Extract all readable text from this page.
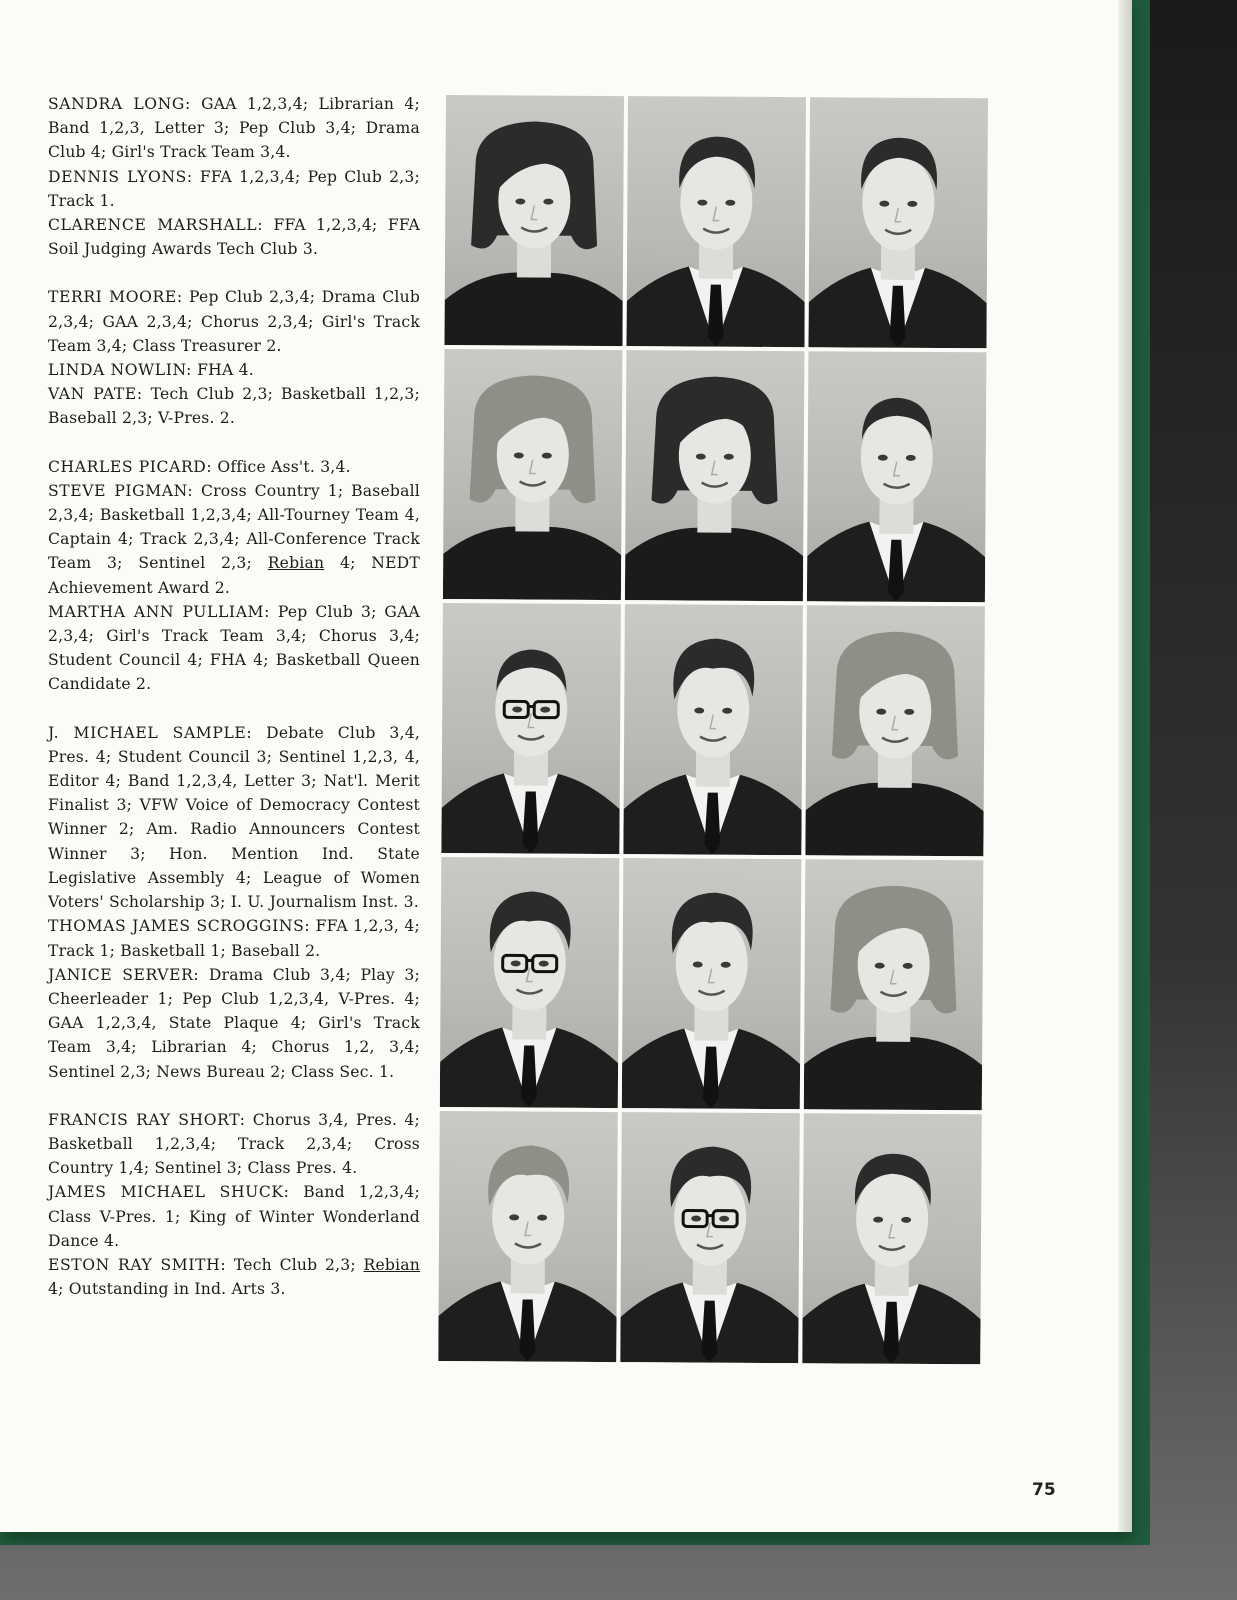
SANDRA LONG: GAA 1,2,3,4; Librarian 4; Band 1,2,3, Letter 3; Pep Club 3,4; Drama Club 4; Girl's Track Team 3,4.
DENNIS LYONS: FFA 1,2,3,4; Pep Club 2,3; Track 1.
CLARENCE MARSHALL: FFA 1,2,3,4; FFA Soil Judging Awards Tech Club 3.
TERRI MOORE: Pep Club 2,3,4; Drama Club 2,3,4; GAA 2,3,4; Chorus 2,3,4; Girl's Track Team 3,4; Class Treasurer 2.
LINDA NOWLIN: FHA 4.
VAN PATE: Tech Club 2,3; Basketball 1,2,3; Baseball 2,3; V-Pres. 2.
CHARLES PICARD: Office Ass't. 3,4.
STEVE PIGMAN: Cross Country 1; Baseball 2,3,4; Basketball 1,2,3,4; All-Tourney Team 4, Captain 4; Track 2,3,4; All-Conference Track Team 3; Sentinel 2,3; Rebian 4; NEDT Achievement Award 2.
MARTHA ANN PULLIAM: Pep Club 3; GAA 2,3,4; Girl's Track Team 3,4; Chorus 3,4; Student Council 4; FHA 4; Basketball Queen Candidate 2.
J. MICHAEL SAMPLE: Debate Club 3,4, Pres. 4; Student Council 3; Sentinel 1,2,3, 4, Editor 4; Band 1,2,3,4, Letter 3; Nat'l. Merit Finalist 3; VFW Voice of Democracy Contest Winner 2; Am. Radio Announcers Contest Winner 3; Hon. Mention Ind. State Legislative Assembly 4; League of Women Voters' Scholarship 3; I. U. Journalism Inst. 3.
THOMAS JAMES SCROGGINS: FFA 1,2,3, 4; Track 1; Basketball 1; Baseball 2.
JANICE SERVER: Drama Club 3,4; Play 3; Cheerleader 1; Pep Club 1,2,3,4, V-Pres. 4; GAA 1,2,3,4, State Plaque 4; Girl's Track Team 3,4; Librarian 4; Chorus 1,2, 3,4; Sentinel 2,3; News Bureau 2; Class Sec. 1.
FRANCIS RAY SHORT: Chorus 3,4, Pres. 4; Basketball 1,2,3,4; Track 2,3,4; Cross Country 1,4; Sentinel 3; Class Pres. 4.
JAMES MICHAEL SHUCK: Band 1,2,3,4; Class V-Pres. 1; King of Winter Wonderland Dance 4.
ESTON RAY SMITH: Tech Club 2,3; Rebian 4; Outstanding in Ind. Arts 3.
75
